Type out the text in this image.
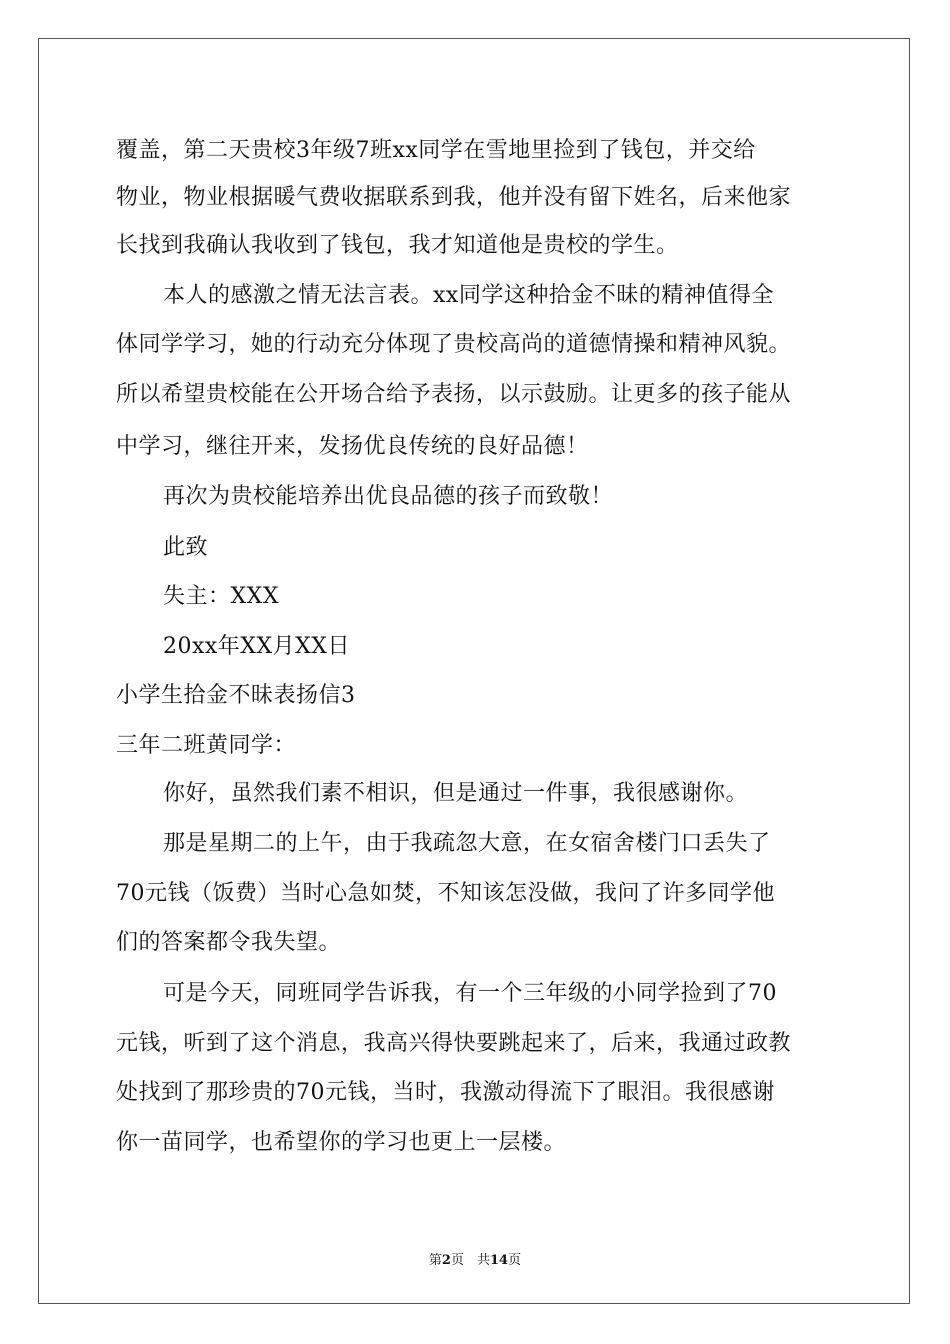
覆盖，第二天贵校3年级7班xx同学在雪地里捡到了钱包，并交给
物业，物业根据暖气费收据联系到我，他并没有留下姓名，后来他家
长找到我确认我收到了钱包，我才知道他是贵校的学生。
本人的感激之情无法言表。xx同学这种拾金不昧的精神值得全
体同学学习，她的行动充分体现了贵校高尚的道德情操和精神风貌。
所以希望贵校能在公开场合给予表扬，以示鼓励。让更多的孩子能从
中学习，继往开来，发扬优良传统的良好品德！
再次为贵校能培养出优良品德的孩子而致敬！
此致
失主：XXX
20xx年XX月XX日
小学生拾金不昧表扬信3
三年二班黄同学：
你好，虽然我们素不相识，但是通过一件事，我很感谢你。
那是星期二的上午，由于我疏忽大意，在女宿舍楼门口丢失了
70元钱（饭费）当时心急如焚，不知该怎没做，我问了许多同学他
们的答案都令我失望。
可是今天，同班同学告诉我，有一个三年级的小同学捡到了70
元钱，听到了这个消息，我高兴得快要跳起来了，后来，我通过政教
处找到了那珍贵的70元钱，当时，我激动得流下了眼泪。我很感谢
你一苗同学，也希望你的学习也更上一层楼。
第2页　共14页
